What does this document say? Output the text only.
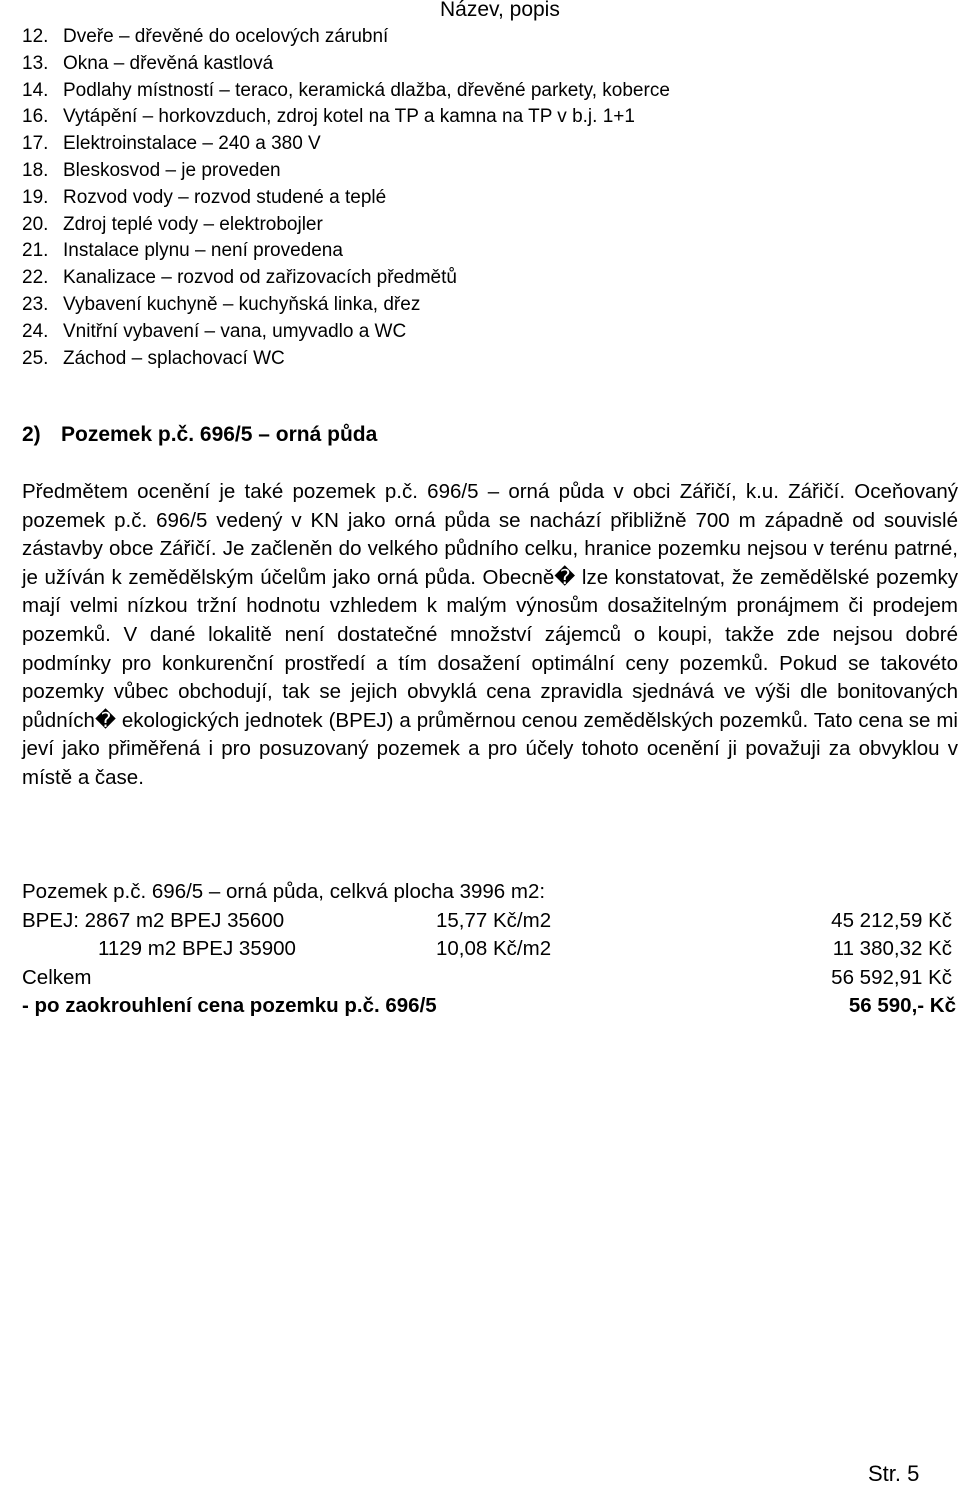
Název, popis
12. Dveře – dřevěné do ocelových zárubní
13. Okna – dřevěná kastlová
14. Podlahy místností – teraco, keramická dlažba, dřevěné parkety, koberce
16. Vytápění – horkovzduch, zdroj kotel na TP a kamna na TP v b.j. 1+1
17. Elektroinstalace – 240 a 380 V
18. Bleskosvod – je proveden
19. Rozvod vody – rozvod studené a teplé
20. Zdroj teplé vody – elektrobojler
21. Instalace plynu – není provedena
22. Kanalizace – rozvod od zařizovacích předmětů
23. Vybavení kuchyně – kuchyňská linka, dřez
24. Vnitřní vybavení – vana, umyvadlo a WC
25. Záchod – splachovací WC
2) Pozemek p.č. 696/5 – orná půda

Předmětem ocenění je také pozemek p.č. 696/5 – orná půda v obci Zářičí, k.u. Zářičí. Oceňovaný pozemek p.č. 696/5 vedený v KN jako orná půda se nachází přibližně 700 m západně od souvislé zástavby obce Zářičí. Je začleněn do velkého půdního celku, hranice pozemku nejsou v terénu patrné, je užíván k zemědělským účelům jako orná půda. Obecně� lze konstatovat, že zemědělské pozemky mají velmi nízkou tržní hodnotu vzhledem k malým výnosům dosažitelným pronájmem či prodejem pozemků. V dané lokalitě není dostatečné množství zájemců o koupi, takže zde nejsou dobré podmínky pro konkurenční prostředí a tím dosažení optimální ceny pozemků. Pokud se takovéto pozemky vůbec obchodují, tak se jejich obvyklá cena zpravidla sjednává ve výši dle bonitovaných půdních� ekologických jednotek (BPEJ) a průměrnou cenou zemědělských pozemků. Tato cena se mi jeví jako přiměřená i pro posuzovaný pozemek a pro účely tohoto ocenění ji považuji za obvyklou v místě a čase.

Pozemek p.č. 696/5 – orná půda, celkvá plocha 3996 m2:
BPEJ: 2867 m2 BPEJ 35600	15,77 Kč/m2	45 212,59 Kč
1129 m2 BPEJ 35900	10,08 Kč/m2	11 380,32 Kč
Celkem	56 592,91 Kč
- po zaokrouhlení cena pozemku p.č. 696/5	56 590,- Kč
Str. 5
